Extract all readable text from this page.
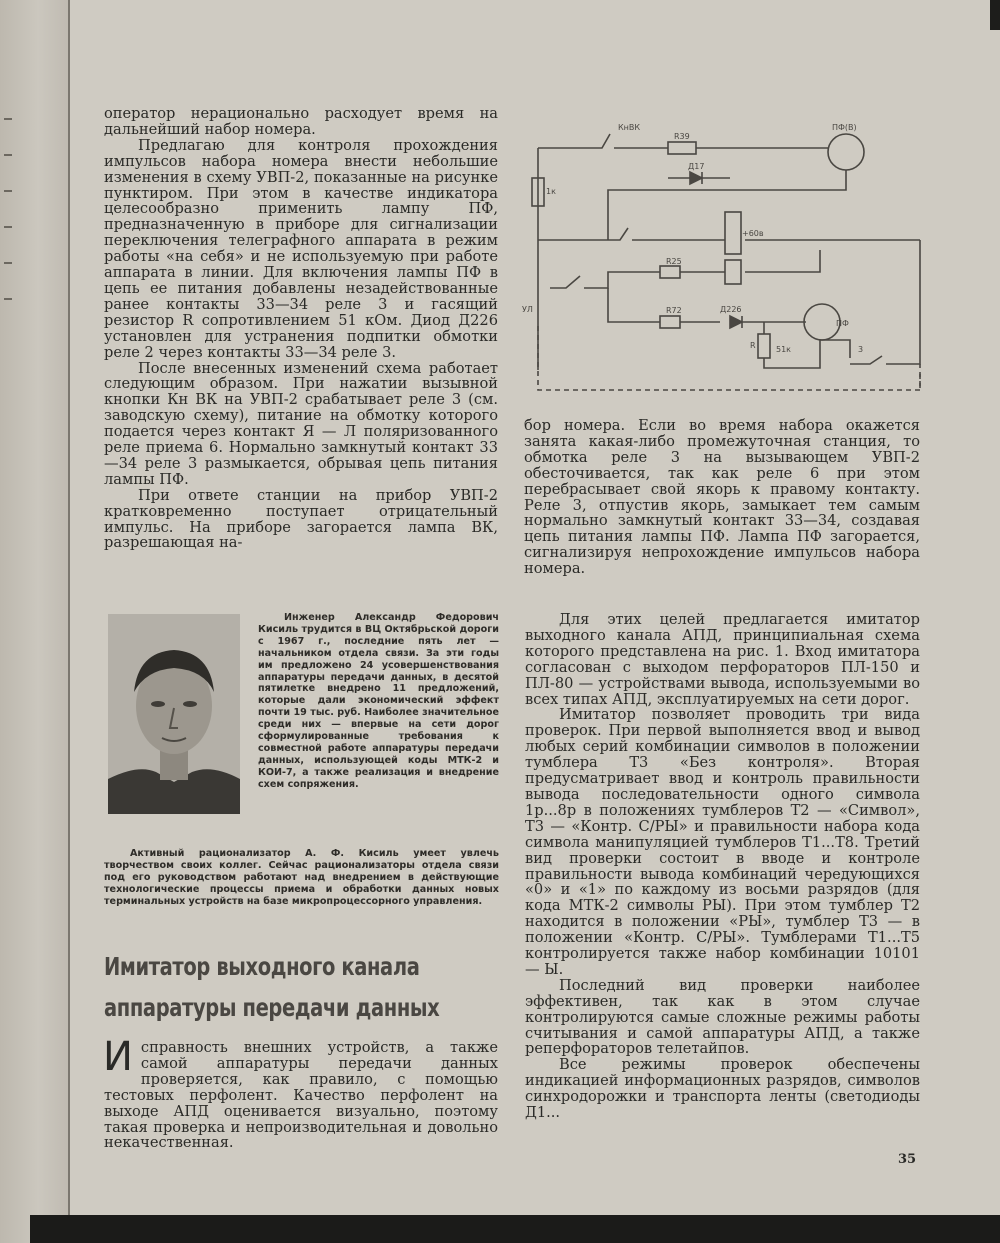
оператор нерационально расходует время на дальнейший набор номера.

Предлагаю для контроля прохождения импульсов набора номера внести небольшие изменения в схему УВП-2, показанные на рисунке пунктиром. При этом в качестве индикатора целесообразно применить лампу ПФ, предназначенную в приборе для сигнализации переключения телеграфного аппарата в режим работы «на себя» и не используемую при работе аппарата в линии. Для включения лампы ПФ в цепь ее питания добавлены незадействованные ранее контакты 33—34 реле 3 и гасящий резистор R сопротивлением 51 кОм. Диод Д226 установлен для устранения подпитки обмотки реле 2 через контакты 33—34 реле 3.

После внесенных изменений схема работает следующим образом. При нажатии вызывной кнопки Кн ВК на УВП-2 срабатывает реле 3 (см. заводскую схему), питание на обмотку которого подается через контакт Я — Л поляризованного реле приема 6. Нормально замкнутый контакт 33—34 реле 3 размыкается, обрывая цепь питания лампы ПФ.

При ответе станции на прибор УВП-2 кратковременно поступает отрицательный импульс. На приборе загорается лампа ВК, разрешающая на-

КнВК
R39
Д17
ПФ(В)
+60в
R25
R72	Д226
R	51к
ПФ
3
1к
УЛ

бор номера. Если во время набора окажется занята какая-либо промежуточная станция, то обмотка реле 3 на вызывающем УВП-2 обесточивается, так как реле 6 при этом перебрасывает свой якорь к правому контакту. Реле 3, отпустив якорь, замыкает тем самым нормально замкнутый контакт 33—34, создавая цепь питания лампы ПФ. Лампа ПФ загорается, сигнализируя непрохождение импульсов набора номера.

Инженер Александр Федорович Кисиль трудится в ВЦ Октябрьской дороги с 1967 г., последние пять лет — начальником отдела связи. За эти годы им предложено 24 усовершенствования аппаратуры передачи данных, в десятой пятилетке внедрено 11 предложений, которые дали экономический эффект почти 19 тыс. руб. Наиболее значительное среди них — впервые на сети дорог сформулированные требования к совместной работе аппаратуры передачи данных, использующей коды МТК-2 и КОИ-7, а также реализация и внедрение схем сопряжения.
Активный рационализатор А. Ф. Кисиль умеет увлечь творчеством своих коллег. Сейчас рационализаторы отдела связи под его руководством работают над внедрением в действующие технологические процессы приема и обработки данных новых терминальных устройств на базе микропроцессорного управления.
Имитатор выходного канала
аппаратуры передачи данных
И справность внешних устройств, а также самой аппаратуры передачи данных проверяется, как правило, с помощью тестовых перфолент. Качество перфолент на выходе АПД оценивается визуально, поэтому такая проверка и непроизводительная и довольно некачественная.

Для этих целей предлагается имитатор выходного канала АПД, принципиальная схема которого представлена на рис. 1. Вход имитатора согласован с выходом перфораторов ПЛ-150 и ПЛ-80 — устройствами вывода, используемыми во всех типах АПД, эксплуатируемых на сети дорог.

Имитатор позволяет проводить три вида проверок. При первой выполняется ввод и вывод любых серий комбинации символов в положении тумблера Т3 «Без контроля». Вторая предусматривает ввод и контроль правильности вывода последовательности одного символа 1р...8р в положениях тумблеров Т2 — «Символ», Т3 — «Контр. С/РЫ» и правильности набора кода символа манипуляцией тумблеров Т1...Т8. Третий вид проверки состоит в вводе и контроле правильности вывода комбинаций чередующихся «0» и «1» по каждому из восьми разрядов (для кода МТК-2 символы РЫ). При этом тумблер Т2 находится в положении «РЫ», тумблер Т3 — в положении «Контр. С/РЫ». Тумблерами Т1...Т5 контролируется также набор комбинации 10101 — Ы.

Последний вид проверки наиболее эффективен, так как в этом случае контролируются самые сложные режимы работы считывания и самой аппаратуры АПД, а также реперфораторов телетайпов.

Все режимы проверок обеспечены индикацией информационных разрядов, символов синхродорожки и транспорта ленты (светодиоды Д1...

35
